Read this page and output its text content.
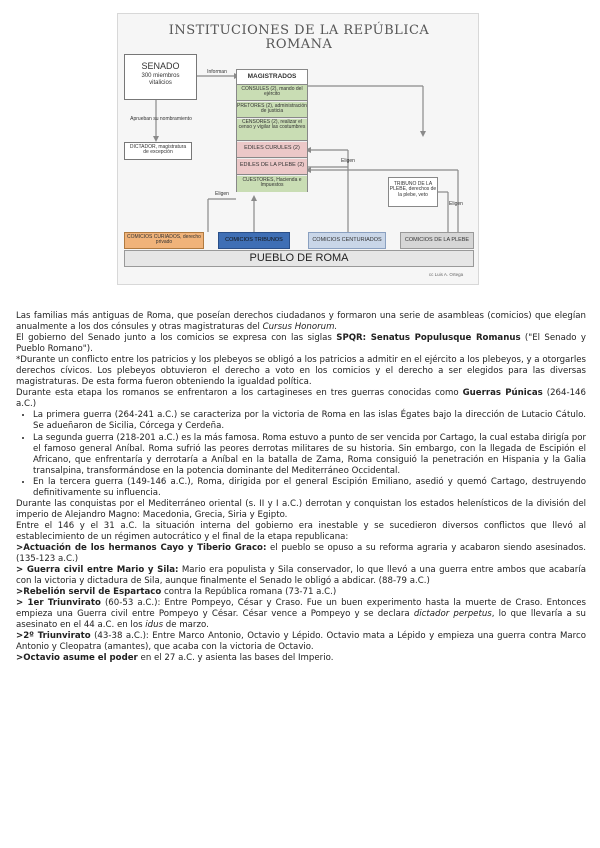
INSTITUCIONES DE LA REPÚBLICA
ROMANA
SENADO
300 miembros
vitalicios
Informan
Aprueban su nombramiento
DICTADOR, magistratura de excepción
MAGISTRADOS
CONSULES (2), mando del ejército
PRETORES (2), administración de justicia
CENSORES (2), realizar el censo y vigilar las costumbres
EDILES CURULES (2)
EDILES DE LA PLEBE (2)
CUESTORES, Hacienda e Impuestos
Eligen
Eligen
Eligen
TRIBUNO DE LA PLEBE, derechos de la plebe, veto
COMICIOS CURIADOS, derecho privado	COMICIOS TRIBUNOS	COMICIOS CENTURIADOS	COMICIOS DE LA PLEBE
PUEBLO DE ROMA
cc Luis A. Ortega

Las familias más antiguas de Roma, que poseían derechos ciudadanos y formaron una serie de asambleas (comicios) que elegían anualmente a los dos cónsules y otras magistraturas del Cursus Honorum.

El gobierno del Senado junto a los comicios se expresa con las siglas SPQR: Senatus Populusque Romanus ("El Senado y Pueblo Romano").

*Durante un conflicto entre los patricios y los plebeyos se obligó a los patricios a admitir en el ejército a los plebeyos, y a otorgarles derechos cívicos. Los plebeyos obtuvieron el derecho a voto en los comicios y el derecho a ser elegidos para las diversas magistraturas. De esta forma fueron obteniendo la igualdad política.

Durante esta etapa los romanos se enfrentaron a los cartagineses en tres guerras conocidas como Guerras Púnicas (264-146 a.C.)

• La primera guerra (264-241 a.C.) se caracteriza por la victoria de Roma en las islas Égates bajo la dirección de Lutacio Cátulo. Se adueñaron de Sicilia, Córcega y Cerdeña.
• La segunda guerra (218-201 a.C.) es la más famosa. Roma estuvo a punto de ser vencida por Cartago, la cual estaba dirigía por el famoso general Aníbal. Roma sufrió las peores derrotas militares de su historia. Sin embargo, con la llegada de Escipión el Africano, que enfrentaría y derrotaría a Aníbal en la batalla de Zama, Roma consiguió la penetración en Hispania y la Galia transalpina, transformándose en la potencia dominante del Mediterráneo Occidental.
• En la tercera guerra (149-146 a.C.), Roma, dirigida por el general Escipión Emiliano, asedió y quemó Cartago, destruyendo definitivamente su influencia.

Durante las conquistas por el Mediterráneo oriental (s. II y I a.C.) derrotan y conquistan los estados helenísticos de la división del imperio de Alejandro Magno: Macedonia, Grecia, Siria y Egipto.

Entre el 146 y el 31 a.C. la situación interna del gobierno era inestable y se sucedieron diversos conflictos que llevó al establecimiento de un régimen autocrático y el final de la etapa republicana:

>Actuación de los hermanos Cayo y Tiberio Graco: el pueblo se opuso a su reforma agraria y acabaron siendo asesinados. (135-123 a.C.)

> Guerra civil entre Mario y Sila: Mario era populista y Sila conservador, lo que llevó a una guerra entre ambos que acabaría con la victoria y dictadura de Sila, aunque finalmente el Senado le obligó a abdicar. (88-79 a.C.)

>Rebelión servil de Espartaco contra la República romana (73-71 a.C.)

> 1er Triunvirato (60-53 a.C.): Entre Pompeyo, César y Craso. Fue un buen experimento hasta la muerte de Craso. Entonces empieza una Guerra civil entre Pompeyo y César. César vence a Pompeyo y se declara dictador perpetus, lo que llevaría a su asesinato en el 44 a.C. en los idus de marzo.

>2º Triunvirato (43-38 a.C.): Entre Marco Antonio, Octavio y Lépido. Octavio mata a Lépido y empieza una guerra contra Marco Antonio y Cleopatra (amantes), que acaba con la victoria de Octavio.

>Octavio asume el poder en el 27 a.C. y asienta las bases del Imperio.
